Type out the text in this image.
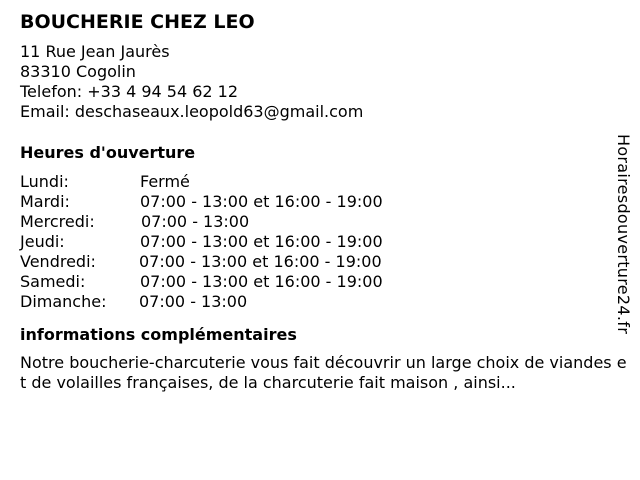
BOUCHERIE CHEZ LEO
11 Rue Jean Jaurès
83310 Cogolin
Telefon: +33 4 94 54 62 12
Email: deschaseaux.leopold63@gmail.com
Heures d'ouverture
Lundi:	Fermé
Mardi:	07:00 - 13:00 et 16:00 - 19:00
Mercredi:	07:00 - 13:00
Jeudi:	07:00 - 13:00 et 16:00 - 19:00
Vendredi:	07:00 - 13:00 et 16:00 - 19:00
Samedi:	07:00 - 13:00 et 16:00 - 19:00
Dimanche: 07:00 - 13:00
informations complémentaires
Notre boucherie-charcuterie vous fait découvrir un large choix de viandes et de volailles françaises, de la charcuterie fait maison , ainsi...
Horairesdouverture24.fr
